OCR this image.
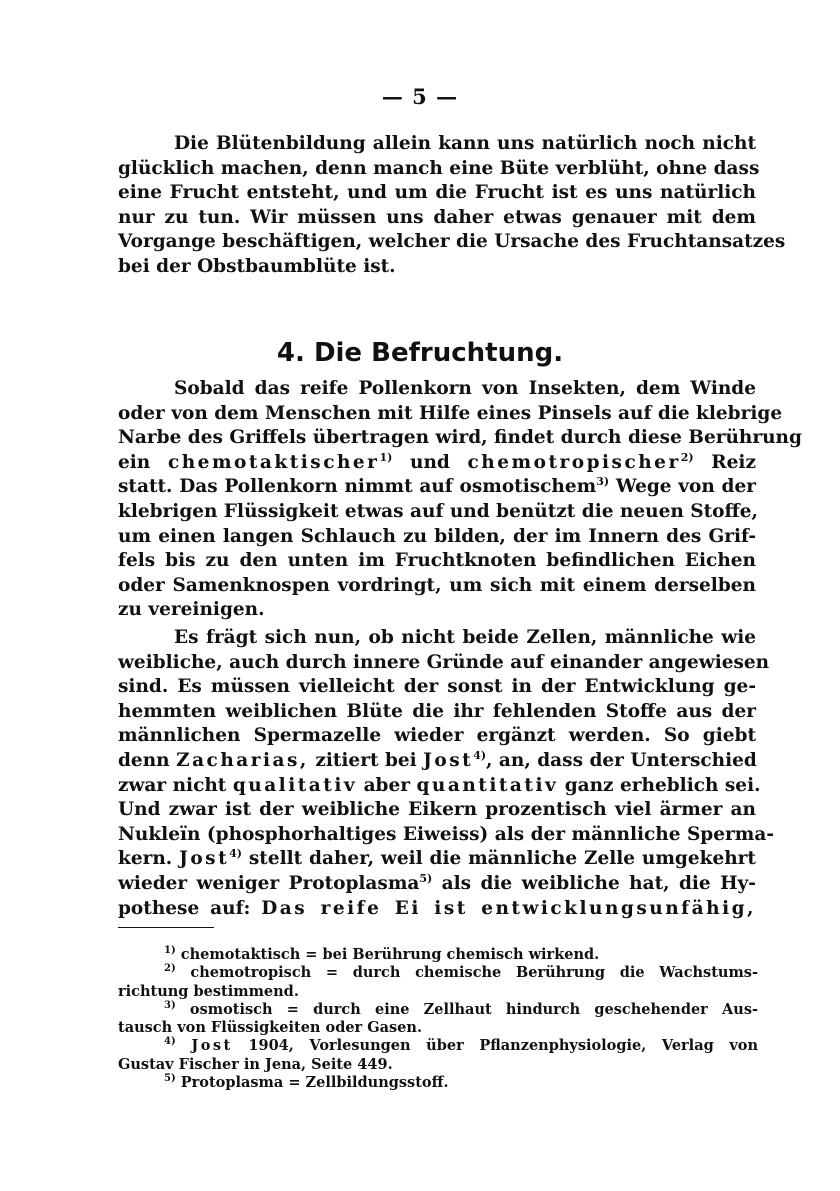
— 5 —
Die Blütenbildung allein kann uns natürlich noch nicht
glücklich machen, denn manch eine Büte verblüht, ohne dass
eine Frucht entsteht, und um die Frucht ist es uns natürlich
nur zu tun. Wir müssen uns daher etwas genauer mit dem
Vorgange beschäftigen, welcher die Ursache des Fruchtansatzes
bei der Obstbaumblüte ist.
4. Die Befruchtung.
Sobald das reife Pollenkorn von Insekten, dem Winde
oder von dem Menschen mit Hilfe eines Pinsels auf die klebrige
Narbe des Griffels übertragen wird, findet durch diese Berührung
ein chemotaktischer$^{1)}$ und chemotropischer$^{2)}$ Reiz
statt. Das Pollenkorn nimmt auf osmotischem$^{3)}$ Wege von der
klebrigen Flüssigkeit etwas auf und benützt die neuen Stoffe,
um einen langen Schlauch zu bilden, der im Innern des Grif-
fels bis zu den unten im Fruchtknoten befindlichen Eichen
oder Samenknospen vordringt, um sich mit einem derselben
zu vereinigen.
Es frägt sich nun, ob nicht beide Zellen, männliche wie
weibliche, auch durch innere Gründe auf einander angewiesen
sind. Es müssen vielleicht der sonst in der Entwicklung ge-
hemmten weiblichen Blüte die ihr fehlenden Stoffe aus der
männlichen Spermazelle wieder ergänzt werden. So giebt
denn Zacharias, zitiert bei Jost$^{4)}$, an, dass der Unterschied
zwar nicht qualitativ aber quantitativ ganz erheblich sei.
Und zwar ist der weibliche Eikern prozentisch viel ärmer an
Nukleïn (phosphorhaltiges Eiweiss) als der männliche Sperma-
kern. Jost$^{4)}$ stellt daher, weil die männliche Zelle umgekehrt
wieder weniger Protoplasma$^{5)}$ als die weibliche hat, die Hy-
pothese auf: Das reife Ei ist entwicklungsunfähig,
$^{1)}$ chemotaktisch = bei Berührung chemisch wirkend.
$^{2)}$ chemotropisch = durch chemische Berührung die Wachstums-
richtung bestimmend.
$^{3)}$ osmotisch = durch eine Zellhaut hindurch geschehender Aus-
tausch von Flüssigkeiten oder Gasen.
$^{4)}$ Jost 1904, Vorlesungen über Pflanzenphysiologie, Verlag von
Gustav Fischer in Jena, Seite 449.
$^{5)}$ Protoplasma = Zellbildungsstoff.
